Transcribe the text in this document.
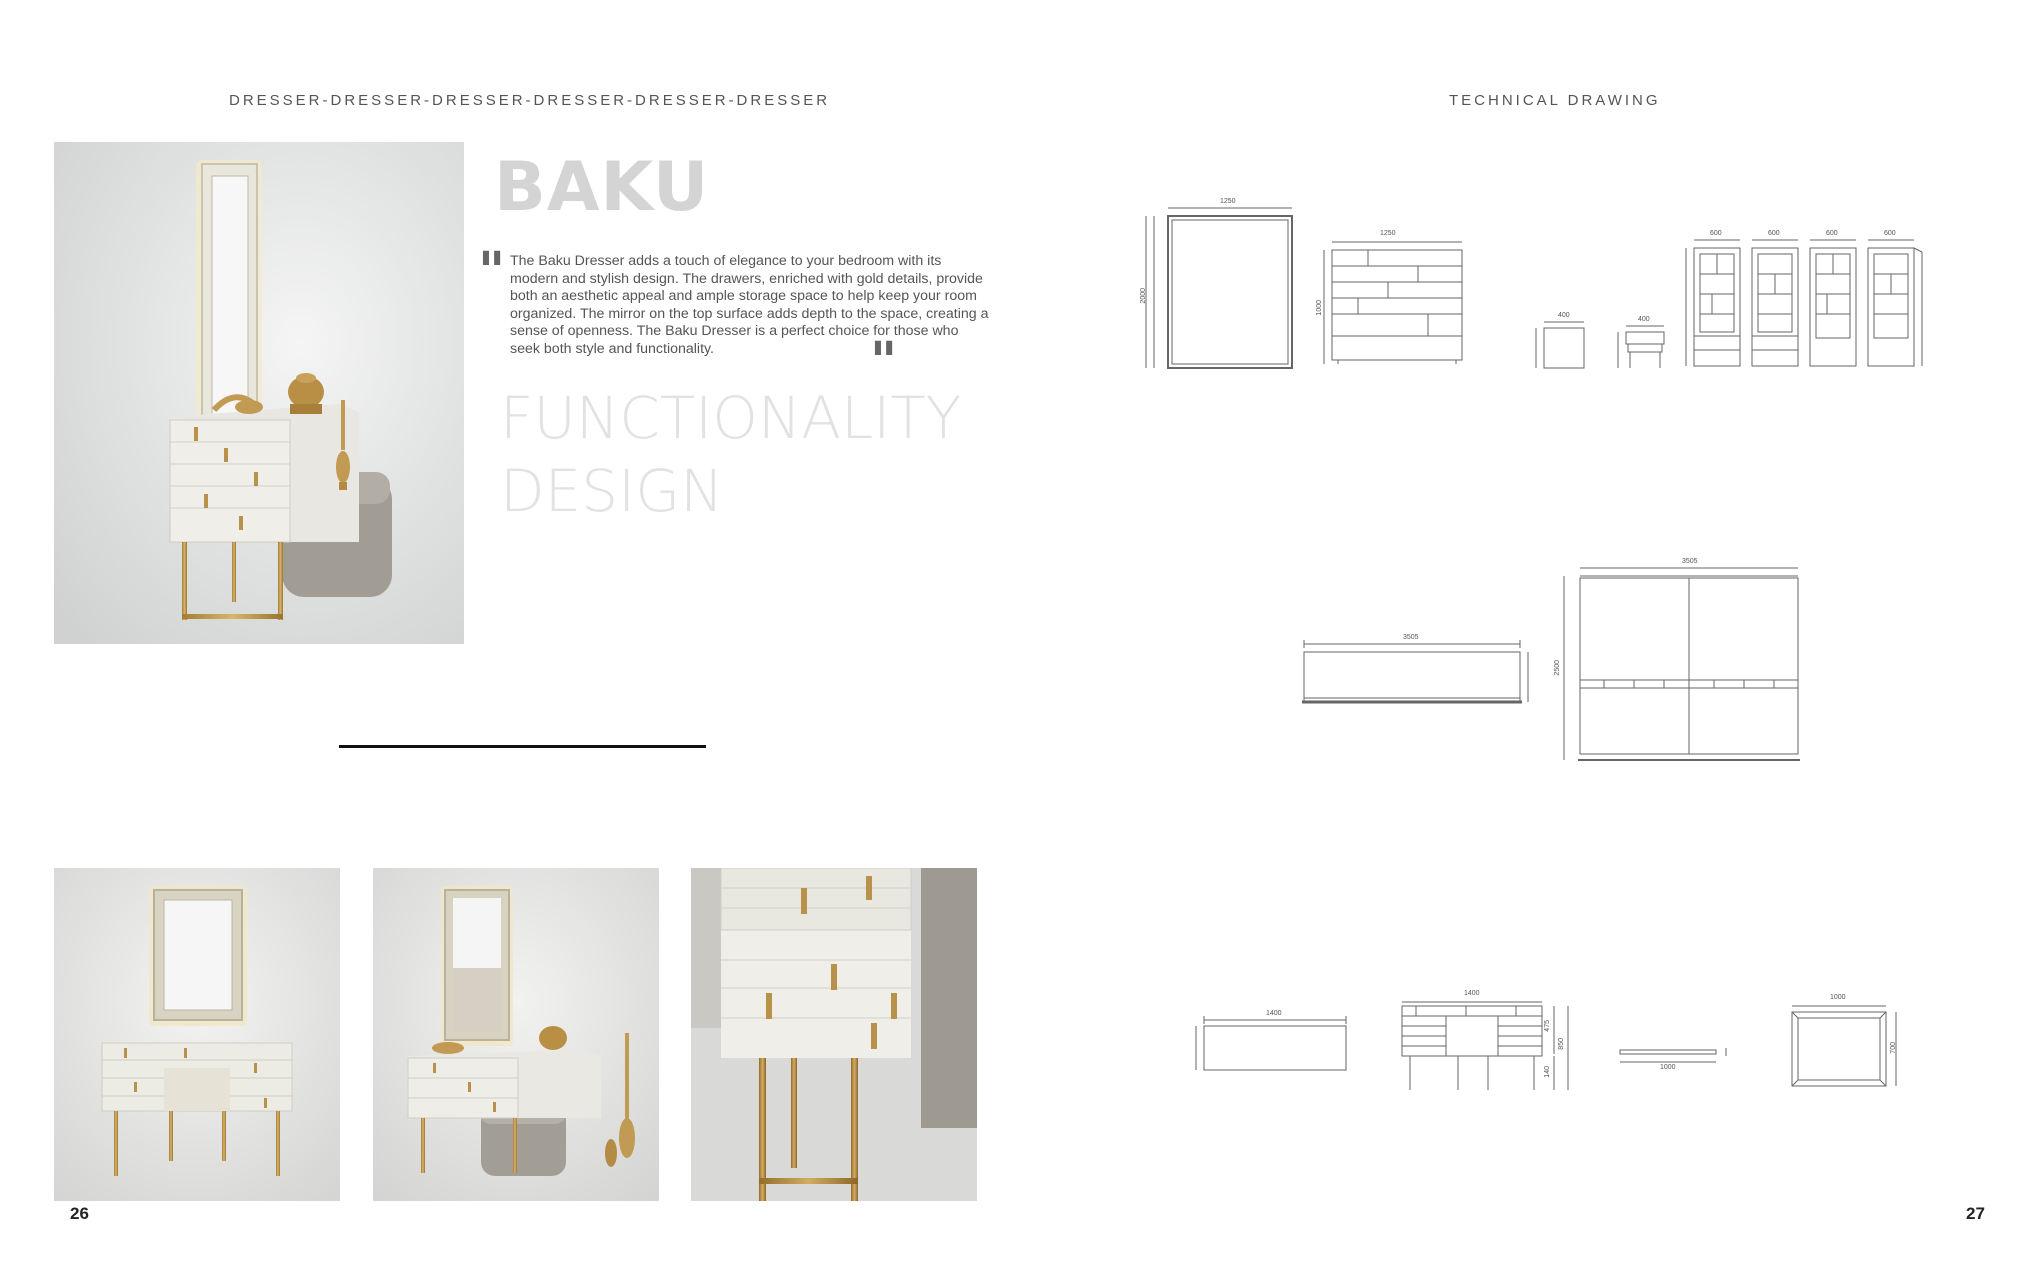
DRESSER-DRESSER-DRESSER-DRESSER-DRESSER-DRESSER
BAKU
" The Baku Dresser adds a touch of elegance to your bedroom with its modern and stylish design. The drawers, enriched with gold details, provide both an aesthetic appeal and ample storage space to help keep your room organized. The mirror on the top surface adds depth to the space, creating a sense of openness. The Baku Dresser is a perfect choice for those who seek both style and functionality.	"
FUNCTIONALITY
DESIGN
26
TECHNICAL DRAWING
1250
2000
1250
1000	400
400
600	600	600	600
3505
3505
2500
1400
1400
475
850
140	1000
1000
700
27
